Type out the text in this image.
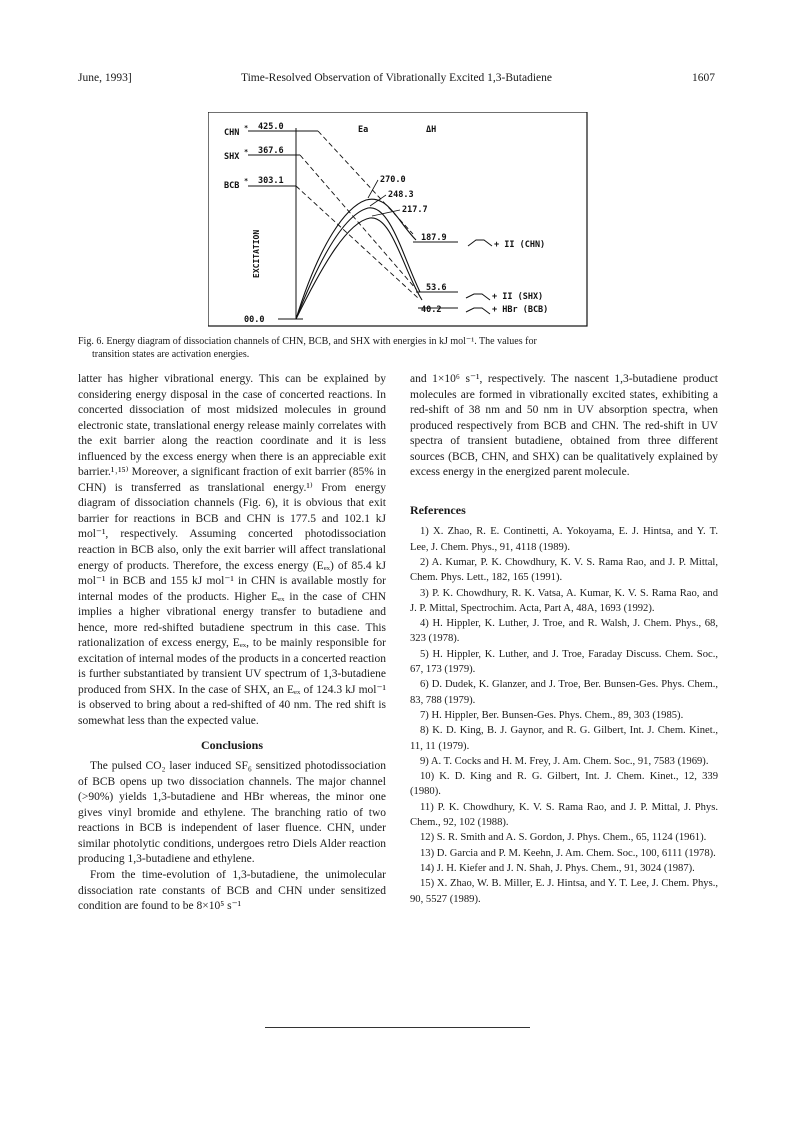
June, 1993]	Time-Resolved Observation of Vibrationally Excited 1,3-Butadiene	1607
EXCITATION
Ea	ΔH
CHN
SHX
BCB
*
*
*
425.0
367.6
303.1	270.0
248.3
217.7
187.9
53.6
40.2
+ II (CHN)
+ II (SHX)
+ HBr (BCB)
00.0
Fig. 6. Energy diagram of dissociation channels of CHN, BCB, and SHX with energies in kJ mol⁻¹. The values for
transition states are activation energies.

latter has higher vibrational energy. This can be explained by considering energy disposal in the case of concerted reactions. In concerted dissociation of most midsized molecules in ground electronic state, translational energy release mainly correlates with the exit barrier along the reaction coordinate and it is less influenced by the excess energy when there is an appreciable exit barrier.¹˒¹⁵⁾ Moreover, a significant fraction of exit barrier (85% in CHN) is transferred as translational energy.¹⁾ From energy diagram of dissociation channels (Fig. 6), it is obvious that exit barrier for reactions in BCB and CHN is 177.5 and 102.1 kJ mol⁻¹, respectively. Assuming concerted photodissociation reaction in BCB also, only the exit barrier will affect translational energy of products. Therefore, the excess energy (Eₑₓ) of 85.4 kJ mol⁻¹ in BCB and 155 kJ mol⁻¹ in CHN is available mostly for internal modes of the products. Higher Eₑₓ in the case of CHN implies a higher vibrational energy transfer to butadiene and hence, more red-shifted butadiene spectrum in this case. This rationalization of excess energy, Eₑₓ, to be mainly responsible for excitation of internal modes of the products in a concerted reaction is further substantiated by transient UV spectrum of 1,3-butadiene produced from SHX. In the case of SHX, an Eₑₓ of 124.3 kJ mol⁻¹ is observed to bring about a red-shifted of 40 nm. The red shift is somewhat less than the expected value.

Conclusions

The pulsed CO₂ laser induced SF₆ sensitized photodissociation of BCB opens up two dissociation channels. The major channel (>90%) yields 1,3-butadiene and HBr whereas, the minor one gives vinyl bromide and ethylene. The branching ratio of two reactions in BCB is independent of laser fluence. CHN, under similar photolytic conditions, undergoes retro Diels Alder reaction producing 1,3-butadiene and ethylene.

From the time-evolution of 1,3-butadiene, the unimolecular dissociation rate constants of BCB and CHN under sensitized condition are found to be 8×10⁵ s⁻¹

and 1×10⁶ s⁻¹, respectively. The nascent 1,3-butadiene product molecules are formed in vibrationally excited states, exhibiting a red-shift of 38 nm and 50 nm in UV absorption spectra, when produced respectively from BCB and CHN. The red-shift in UV spectra of transient butadiene, obtained from three different sources (BCB, CHN, and SHX) can be qualitatively explained by excess energy in the energized parent molecule.

References

1) X. Zhao, R. E. Continetti, A. Yokoyama, E. J. Hintsa, and Y. T. Lee, J. Chem. Phys., 91, 4118 (1989).

2) A. Kumar, P. K. Chowdhury, K. V. S. Rama Rao, and J. P. Mittal, Chem. Phys. Lett., 182, 165 (1991).

3) P. K. Chowdhury, R. K. Vatsa, A. Kumar, K. V. S. Rama Rao, and J. P. Mittal, Spectrochim. Acta, Part A, 48A, 1693 (1992).

4) H. Hippler, K. Luther, J. Troe, and R. Walsh, J. Chem. Phys., 68, 323 (1978).

5) H. Hippler, K. Luther, and J. Troe, Faraday Discuss. Chem. Soc., 67, 173 (1979).

6) D. Dudek, K. Glanzer, and J. Troe, Ber. Bunsen-Ges. Phys. Chem., 83, 788 (1979).

7) H. Hippler, Ber. Bunsen-Ges. Phys. Chem., 89, 303 (1985).

8) K. D. King, B. J. Gaynor, and R. G. Gilbert, Int. J. Chem. Kinet., 11, 11 (1979).

9) A. T. Cocks and H. M. Frey, J. Am. Chem. Soc., 91, 7583 (1969).

10) K. D. King and R. G. Gilbert, Int. J. Chem. Kinet., 12, 339 (1980).

11) P. K. Chowdhury, K. V. S. Rama Rao, and J. P. Mittal, J. Phys. Chem., 92, 102 (1988).

12) S. R. Smith and A. S. Gordon, J. Phys. Chem., 65, 1124 (1961).

13) D. Garcia and P. M. Keehn, J. Am. Chem. Soc., 100, 6111 (1978).

14) J. H. Kiefer and J. N. Shah, J. Phys. Chem., 91, 3024 (1987).

15) X. Zhao, W. B. Miller, E. J. Hintsa, and Y. T. Lee, J. Chem. Phys., 90, 5527 (1989).
